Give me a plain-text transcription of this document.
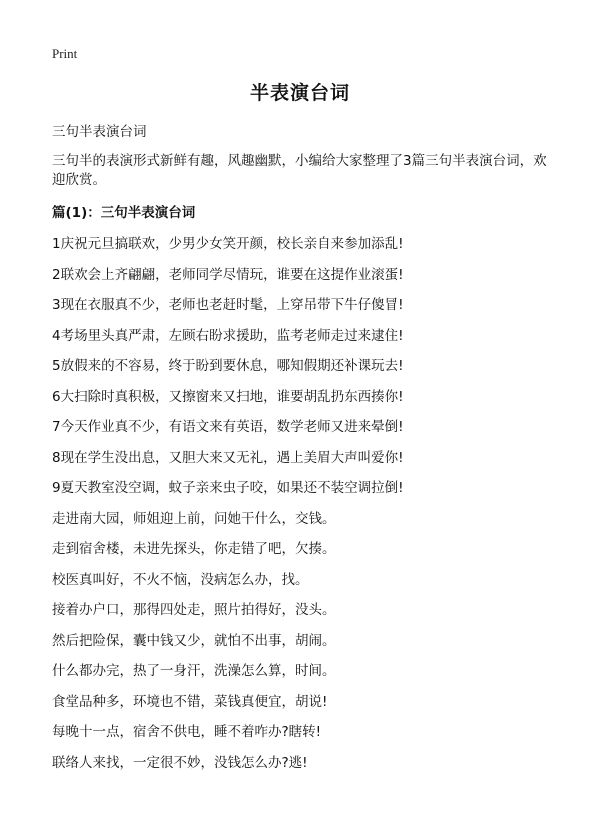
Print
半表演台词
三句半表演台词
三句半的表演形式新鲜有趣，风趣幽默，小编给大家整理了3篇三句半表演台词，欢迎欣赏。
篇(1)：三句半表演台词
1庆祝元旦搞联欢，少男少女笑开颜，校长亲自来参加添乱!
2联欢会上齐翩翩，老师同学尽情玩，谁要在这提作业滚蛋!
3现在衣服真不少，老师也老赶时髦，上穿吊带下牛仔傻冒!
4考场里头真严肃，左顾右盼求援助，监考老师走过来逮住!
5放假来的不容易，终于盼到要休息，哪知假期还补课玩去!
6大扫除时真积极，又擦窗来又扫地，谁要胡乱扔东西揍你!
7今天作业真不少，有语文来有英语，数学老师又进来晕倒!
8现在学生没出息，又胆大来又无礼，遇上美眉大声叫爱你!
9夏天教室没空调，蚊子亲来虫子咬，如果还不装空调拉倒!
走进南大园，师姐迎上前，问她干什么，交钱。
走到宿舍楼，未进先探头，你走错了吧，欠揍。
校医真叫好，不火不恼，没病怎么办，找。
接着办户口，那得四处走，照片拍得好，没头。
然后把险保，囊中钱又少，就怕不出事，胡闹。
什么都办完，热了一身汗，洗澡怎么算，时间。
食堂品种多，环境也不错，菜钱真便宜，胡说!
每晚十一点，宿舍不供电，睡不着咋办?瞎转!
联络人来找，一定很不妙，没钱怎么办?逃!
